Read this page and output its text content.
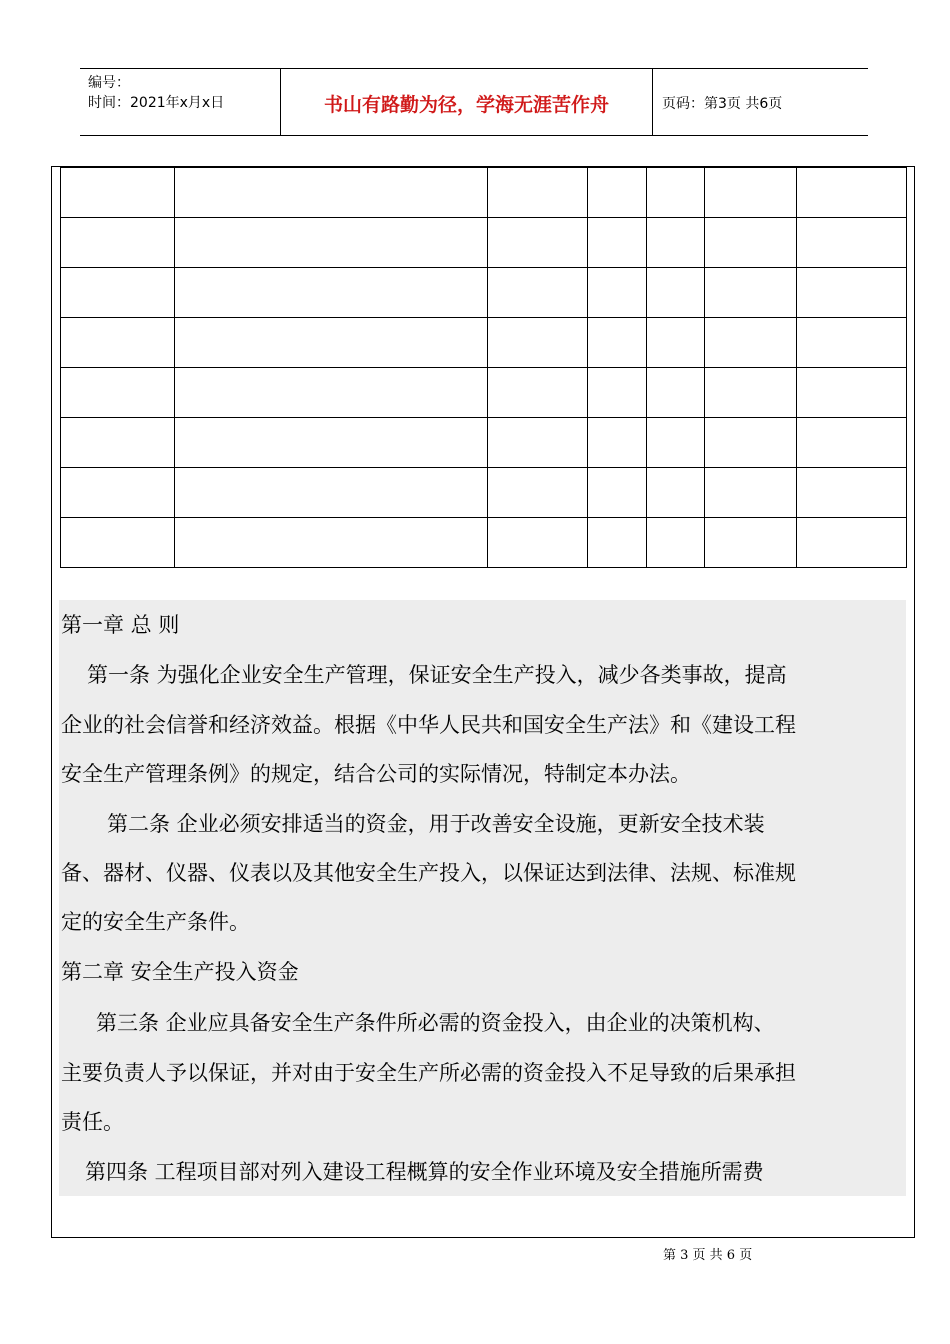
编号：
时间：2021年x月x日	书山有路勤为径，学海无涯苦作舟	页码：第3页 共6页

第一章 总 则
第一条 为强化企业安全生产管理，保证安全生产投入，减少各类事故，提高
企业的社会信誉和经济效益。根据《中华人民共和国安全生产法》和《建设工程
安全生产管理条例》的规定，结合公司的实际情况，特制定本办法。
第二条 企业必须安排适当的资金，用于改善安全设施，更新安全技术装
备、器材、仪器、仪表以及其他安全生产投入，以保证达到法律、法规、标准规
定的安全生产条件。
第二章 安全生产投入资金
第三条 企业应具备安全生产条件所必需的资金投入，由企业的决策机构、
主要负责人予以保证，并对由于安全生产所必需的资金投入不足导致的后果承担
责任。
第四条 工程项目部对列入建设工程概算的安全作业环境及安全措施所需费
第 3 页 共 6 页
